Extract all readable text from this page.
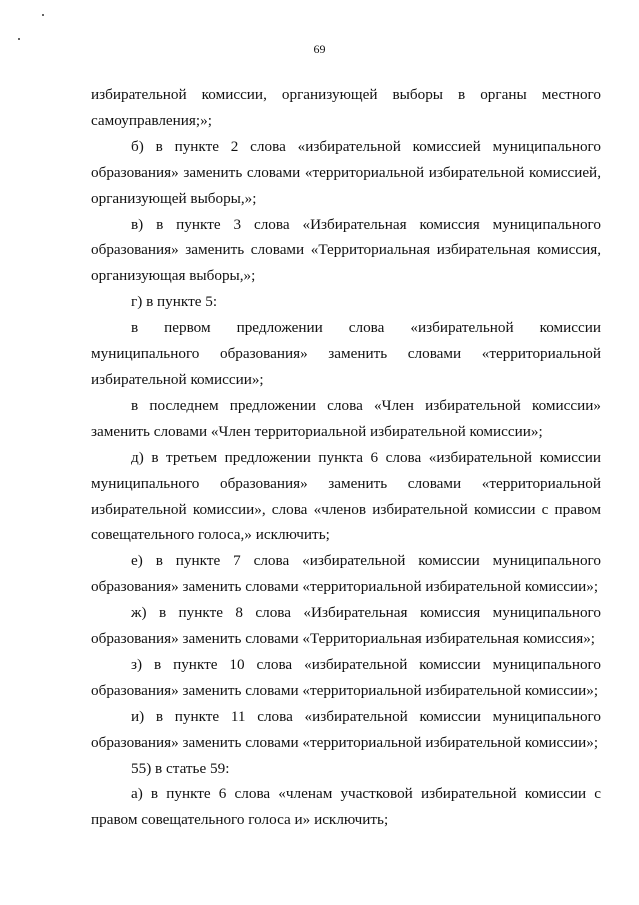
69

избирательной комиссии, организующей выборы в органы местного самоуправления;»;

б) в пункте 2 слова «избирательной комиссией муниципального образования» заменить словами «территориальной избирательной комиссией, организующей выборы,»;

в) в пункте 3 слова «Избирательная комиссия муниципального образования» заменить словами «Территориальная избирательная комиссия, организующая выборы,»;

г) в пункте 5:

в первом предложении слова «избирательной комиссии муниципального образования» заменить словами «территориальной избирательной комиссии»;

в последнем предложении слова «Член избирательной комиссии» заменить словами «Член территориальной избирательной комиссии»;

д) в третьем предложении пункта 6 слова «избирательной комиссии муниципального образования» заменить словами «территориальной избирательной комиссии», слова «членов избирательной комиссии с правом совещательного голоса,» исключить;

е) в пункте 7 слова «избирательной комиссии муниципального образования» заменить словами «территориальной избирательной комиссии»;

ж) в пункте 8 слова «Избирательная комиссия муниципального образования» заменить словами «Территориальная избирательная комиссия»;

з) в пункте 10 слова «избирательной комиссии муниципального образования» заменить словами «территориальной избирательной комиссии»;

и) в пункте 11 слова «избирательной комиссии муниципального образования» заменить словами «территориальной избирательной комиссии»;

55) в статье 59:

а) в пункте 6 слова «членам участковой избирательной комиссии с правом совещательного голоса и» исключить;
